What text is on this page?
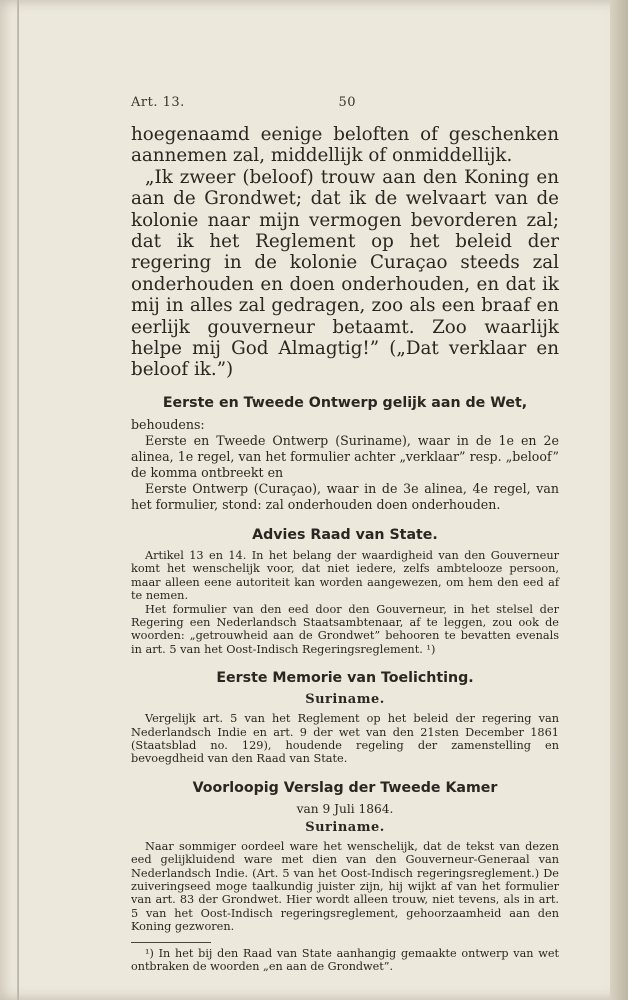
Art. 13.	50

hoegenaamd eenige beloften of geschenken aannemen zal, middellijk of onmiddellijk.

„Ik zweer (beloof) trouw aan den Koning en aan de Grondwet; dat ik de welvaart van de kolonie naar mijn vermogen bevorderen zal; dat ik het Reglement op het beleid der regering in de kolonie Curaçao steeds zal onderhouden en doen onderhouden, en dat ik mij in alles zal gedragen, zoo als een braaf en eerlijk gouverneur betaamt. Zoo waarlijk helpe mij God Almagtig!” („Dat verklaar en beloof ik.”)

Eerste en Tweede Ontwerp gelijk aan de Wet,

behoudens:

Eerste en Tweede Ontwerp (Suriname), waar in de 1e en 2e alinea, 1e regel, van het formulier achter „verklaar” resp. „beloof” de komma ontbreekt en

Eerste Ontwerp (Curaçao), waar in de 3e alinea, 4e regel, van het formulier, stond: zal onderhouden doen onderhouden.

Advies Raad van State.

Artikel 13 en 14. In het belang der waardigheid van den Gouverneur komt het wenschelijk voor, dat niet iedere, zelfs ambtelooze persoon, maar alleen eene autoriteit kan worden aangewezen, om hem den eed af te nemen.

Het formulier van den eed door den Gouverneur, in het stelsel der Regering een Nederlandsch Staatsambtenaar, af te leggen, zou ook de woorden: „getrouwheid aan de Grondwet” behooren te bevatten evenals in art. 5 van het Oost-Indisch Regeringsreglement. ¹)

Eerste Memorie van Toelichting.
Suriname.

Vergelijk art. 5 van het Reglement op het beleid der regering van Nederlandsch Indie en art. 9 der wet van den 21sten December 1861 (Staatsblad no. 129), houdende regeling der zamenstelling en bevoegdheid van den Raad van State.

Voorloopig Verslag der Tweede Kamer
van 9 Juli 1864.
Suriname.

Naar sommiger oordeel ware het wenschelijk, dat de tekst van dezen eed gelijkluidend ware met dien van den Gouverneur-Generaal van Nederlandsch Indie. (Art. 5 van het Oost-Indisch regeringsreglement.) De zuiveringseed moge taalkundig juister zijn, hij wijkt af van het formulier van art. 83 der Grondwet. Hier wordt alleen trouw, niet tevens, als in art. 5 van het Oost-Indisch regeringsreglement, gehoorzaamheid aan den Koning gezworen.

¹) In het bij den Raad van State aanhangig gemaakte ontwerp van wet ontbraken de woorden „en aan de Grondwet”.
